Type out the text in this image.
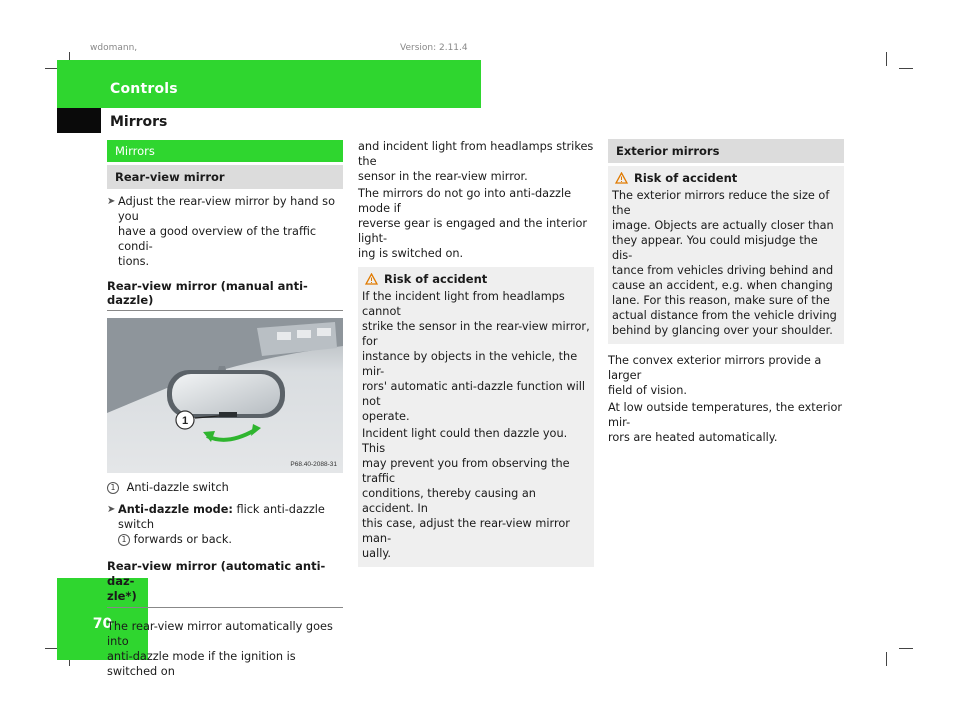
wdomann,	Version: 2.11.4
Controls
Mirrors
70
Mirrors
Rear-view mirror
➤ Adjust the rear-view mirror by hand so you
have a good overview of the traffic condi-
tions.
Rear-view mirror (manual anti-dazzle)
1
P68.40-2088-31
1 Anti-dazzle switch
➤ Anti-dazzle mode: flick anti-dazzle switch
1 forwards or back.
Rear-view mirror (automatic anti-daz-
zle*)
The rear-view mirror automatically goes into
anti-dazzle mode if the ignition is switched on
and incident light from headlamps strikes the
sensor in the rear-view mirror.
The mirrors do not go into anti-dazzle mode if
reverse gear is engaged and the interior light-
ing is switched on.
Risk of accident
If the incident light from headlamps cannot
strike the sensor in the rear-view mirror, for
instance by objects in the vehicle, the mir-
rors' automatic anti-dazzle function will not
operate.
Incident light could then dazzle you. This
may prevent you from observing the traffic
conditions, thereby causing an accident. In
this case, adjust the rear-view mirror man-
ually.
Exterior mirrors
Risk of accident
The exterior mirrors reduce the size of the
image. Objects are actually closer than
they appear. You could misjudge the dis-
tance from vehicles driving behind and
cause an accident, e.g. when changing
lane. For this reason, make sure of the
actual distance from the vehicle driving
behind by glancing over your shoulder.
The convex exterior mirrors provide a larger
field of vision.
At low outside temperatures, the exterior mir-
rors are heated automatically.
